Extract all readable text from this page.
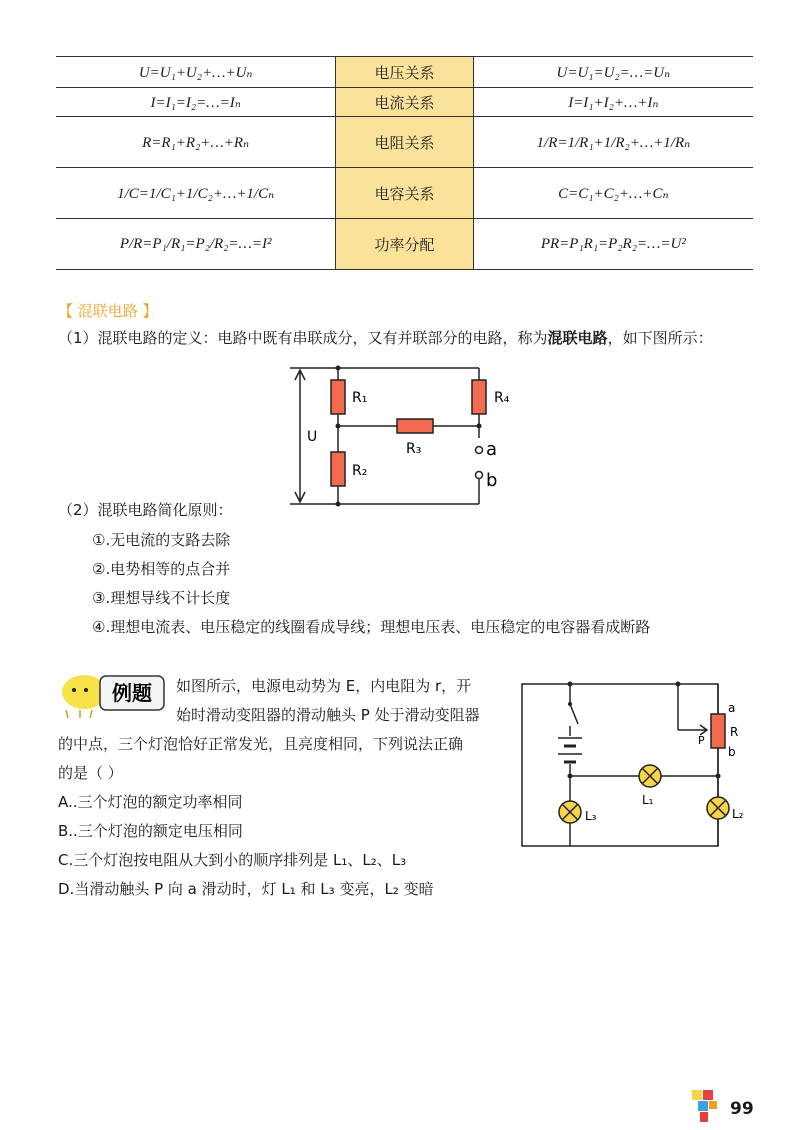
U=U₁+U₂+…+Uₙ	电压关系	U=U₁=U₂=…=Uₙ
I=I₁=I₂=…=Iₙ	电流关系	I=I₁+I₂+…+Iₙ
R=R₁+R₂+…+Rₙ	电阻关系	1/R=1/R₁+1/R₂+…+1/Rₙ
1/C=1/C₁+1/C₂+…+1/Cₙ	电容关系	C=C₁+C₂+…+Cₙ
P/R=P₁/R₁=P₂/R₂=…=I²	功率分配	PR=P₁R₁=P₂R₂=…=U²
【 混联电路 】
（1）混联电路的定义：电路中既有串联成分，又有并联部分的电路，称为混联电路，如下图所示：
R₁
R₂
R₃
R₄
U
a
b
（2）混联电路简化原则：
①.无电流的支路去除
②.电势相等的点合并
③.理想导线不计长度
④.理想电流表、电压稳定的线圈看成导线；理想电压表、电压稳定的电容器看成断路
例题 如图所示，电源电动势为 E，内电阻为 r，开
始时滑动变阻器的滑动触头 P 处于滑动变阻器
的中点，三个灯泡恰好正常发光，且亮度相同，下列说法正确
的是（ ）
A..三个灯泡的额定功率相同
B..三个灯泡的额定电压相同
C.三个灯泡按电阻从大到小的顺序排列是 L₁、L₂、L₃
D.当滑动触头 P 向 a 滑动时，灯 L₁ 和 L₃ 变亮，L₂ 变暗
a
R
P
b
L₁
L₂
L₃
99
